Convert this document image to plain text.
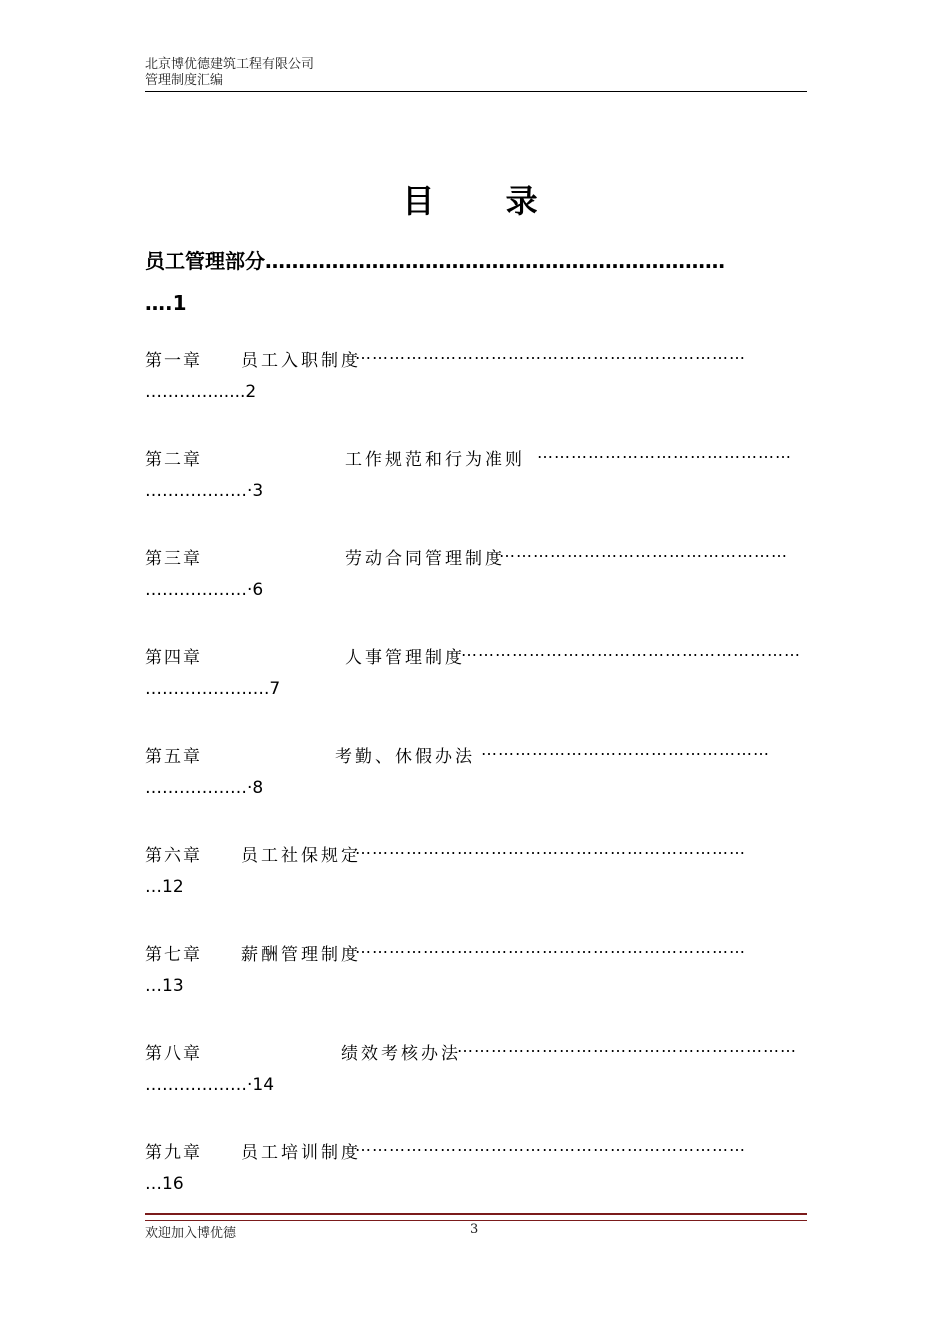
北京博优德建筑工程有限公司
管理制度汇编
目 录
员工管理部分……………………………………………………………
….1
第一章 员工入职制度
……………………………………………………………
…………......2
第二章	工作规范和行为准则 ………………………………………
………………·3
第三章	劳动合同管理制度
……………………………………………
………………·6
第四章	人事管理制度
……………………………………………………
………………….7
第五章	考勤、休假办法 ……………………………………………
………………·8
第六章 员工社保规定
……………………………………………………………
…12
第七章 薪酬管理制度
……………………………………………………………
…13
第八章	绩效考核办法
……………………………………………………
………………·14
第九章 员工培训制度
……………………………………………………………
…16
欢迎加入博优德	3
